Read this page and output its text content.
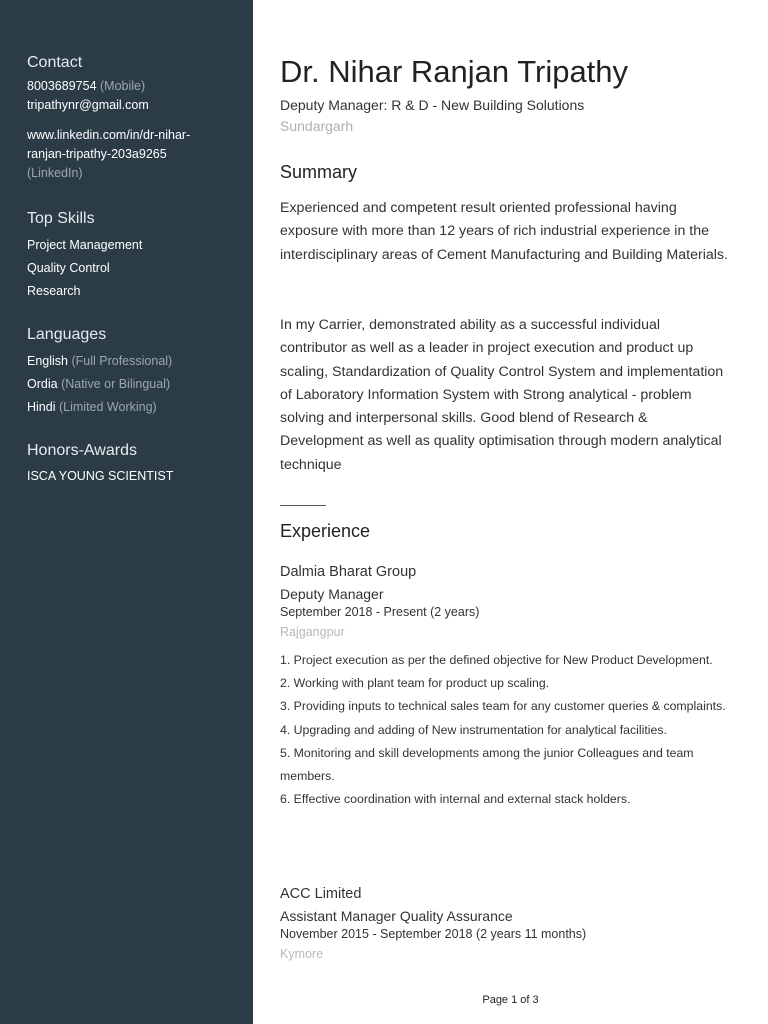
Contact

8003689754 (Mobile)

tripathynr@gmail.com

www.linkedin.com/in/dr-nihar-

ranjan-tripathy-203a9265

(LinkedIn)

Top Skills

Project Management

Quality Control

Research

Languages

English (Full Professional)

Ordia (Native or Bilingual)

Hindi (Limited Working)

Honors-Awards

ISCA YOUNG SCIENTIST

Dr. Nihar Ranjan Tripathy
Deputy Manager: R & D - New Building Solutions
Sundargarh
Summary

Experienced and competent result oriented professional having exposure with more than 12 years of rich industrial experience in the interdisciplinary areas of Cement Manufacturing and Building Materials.

In my Carrier, demonstrated ability as a successful individual contributor as well as a leader in project execution and product up scaling, Standardization of Quality Control System and implementation of Laboratory Information System with Strong analytical - problem solving and interpersonal skills. Good blend of Research & Development as well as quality optimisation through modern analytical technique

Experience
Dalmia Bharat Group
Deputy Manager
September 2018 - Present (2 years)
Rajgangpur
1. Project execution as per the defined objective for New Product Development.
2. Working with plant team for product up scaling.
3. Providing inputs to technical sales team for any customer queries & complaints.
4. Upgrading and adding of New instrumentation for analytical facilities.
5. Monitoring and skill developments among the junior Colleagues and team members.
6. Effective coordination with internal and external stack holders.
ACC Limited
Assistant Manager Quality Assurance
November 2015 - September 2018 (2 years 11 months)
Kymore
Page 1 of 3
